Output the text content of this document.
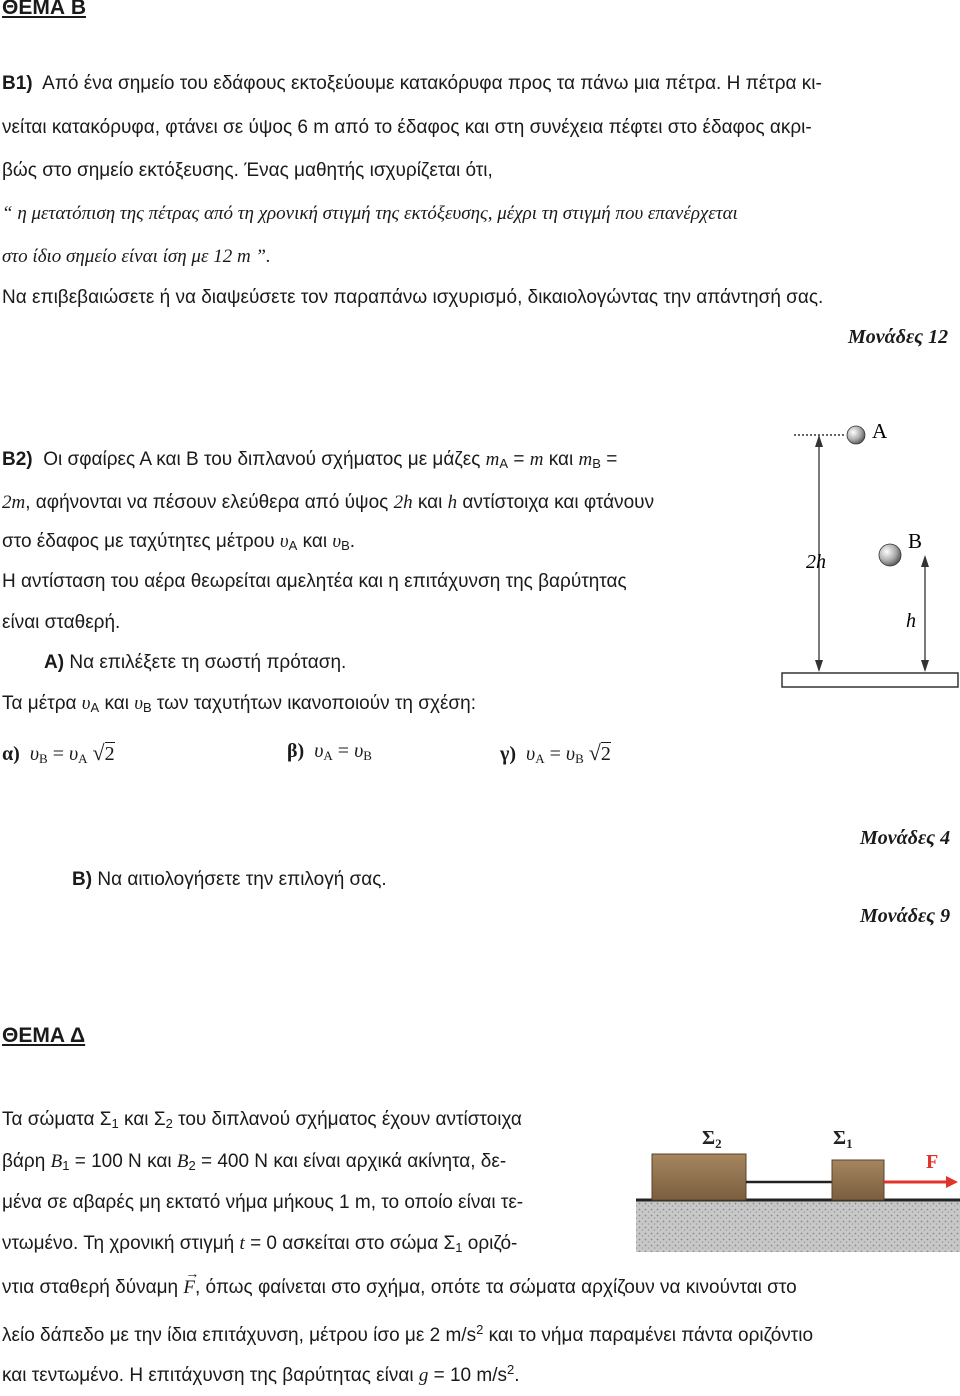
ΘΕΜΑ Β
Β1) Από ένα σημείο του εδάφους εκτοξεύουμε κατακόρυφα προς τα πάνω μια πέτρα. Η πέτρα κι-
νείται κατακόρυφα, φτάνει σε ύψος 6 m από το έδαφος και στη συνέχεια πέφτει στο έδαφος ακρι-
βώς στο σημείο εκτόξευσης. Ένας μαθητής ισχυρίζεται ότι,
“ η μετατόπιση της πέτρας από τη χρονική στιγμή της εκτόξευσης, μέχρι τη στιγμή που επανέρχεται
στο ίδιο σημείο είναι ίση με 12 m ”.
Να επιβεβαιώσετε ή να διαψεύσετε τον παραπάνω ισχυρισμό, δικαιολογώντας την απάντησή σας.
Μονάδες 12
Β2) Οι σφαίρες Α και Β του διπλανού σχήματος με μάζες $m_A = m$ και $m_B$ =
2m, αφήνονται να πέσουν ελεύθερα από ύψος 2h και h αντίστοιχα και φτάνουν
στο έδαφος με ταχύτητες μέτρου $\upsilon_A$ και $\upsilon_B$.
Η αντίσταση του αέρα θεωρείται αμελητέα και η επιτάχυνση της βαρύτητας
είναι σταθερή.
Α) Να επιλέξετε τη σωστή πρόταση.
Τα μέτρα $\upsilon_A$ και $\upsilon_B$ των ταχυτήτων ικανοποιούν τη σχέση:
α) $\upsilon_B = \upsilon_A$ √2	β) $\upsilon_A = \upsilon_B$	γ) $\upsilon_A = \upsilon_B$ √2
Μονάδες 4
Β) Να αιτιολογήσετε την επιλογή σας.
Μονάδες 9
Α
2h
Β
h
ΘΕΜΑ Δ
Τα σώματα $\Sigma_1$ και $\Sigma_2$ του διπλανού σχήματος έχουν αντίστοιχα
βάρη $B_1 = 100$ N και $B_2 = 400$ N και είναι αρχικά ακίνητα, δε-
μένα σε αβαρές μη εκτατό νήμα μήκους 1 m, το οποίο είναι τε-
ντωμένο. Τη χρονική στιγμή t = 0 ασκείται στο σώμα $\Sigma_1$ οριζό-
ντια σταθερή δύναμη
→
F, όπως φαίνεται στο σχήμα, οπότε τα σώματα αρχίζουν να κινούνται στο
λείο δάπεδο με την ίδια επιτάχυνση, μέτρου ίσο με 2 $m/s^2$ και το νήμα παραμένει πάντα οριζόντιο
και τεντωμένο. Η επιτάχυνση της βαρύτητας είναι g = 10 $m/s^2$.
$\Sigma_2$	$\Sigma_1$
F
